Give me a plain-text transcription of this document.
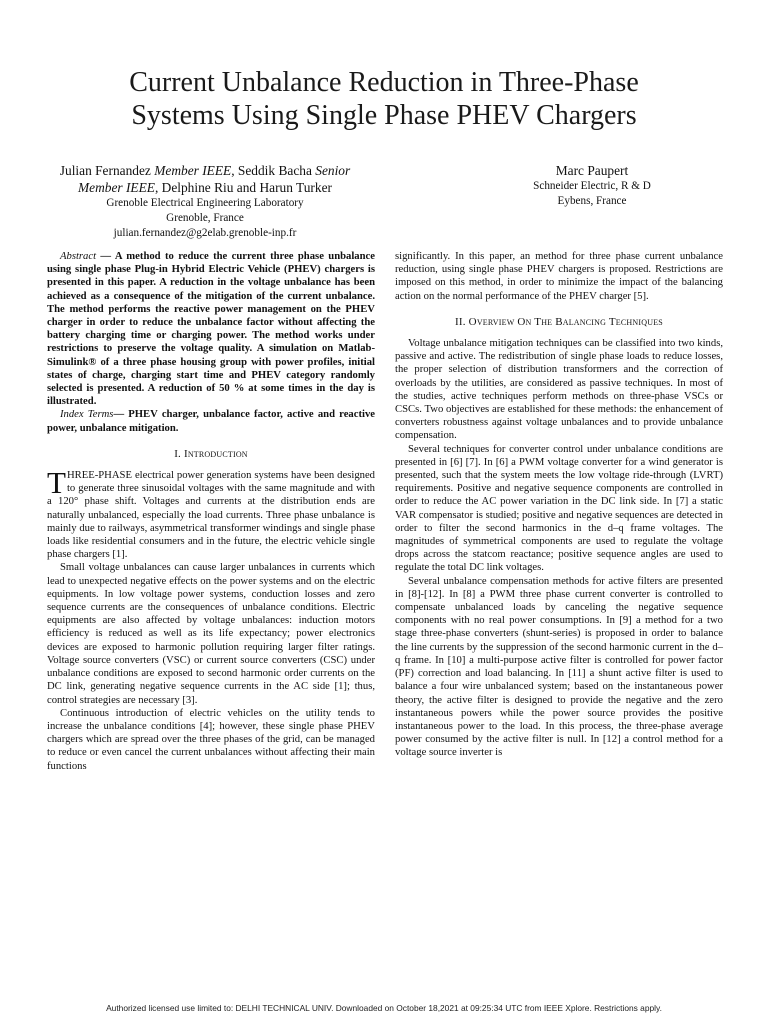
Current Unbalance Reduction in Three-Phase
Systems Using Single Phase PHEV Chargers
Julian Fernandez Member IEEE, Seddik Bacha Senior
Member IEEE, Delphine Riu and Harun Turker
Grenoble Electrical Engineering Laboratory
Grenoble, France
julian.fernandez@g2elab.grenoble-inp.fr
Marc Paupert
Schneider Electric, R & D
Eybens, France

Abstract — A method to reduce the current three phase unbalance using single phase Plug-in Hybrid Electric Vehicle (PHEV) chargers is presented in this paper. A reduction in the voltage unbalance has been achieved as a consequence of the mitigation of the current unbalance. The method performs the reactive power management on the PHEV charger in order to reduce the unbalance factor without affecting the battery charging time or charging power. The method works under restrictions to preserve the voltage quality. A simulation on Matlab-Simulink® of a three phase housing group with power profiles, initial states of charge, charging start time and PHEV category randomly selected is presented. A reduction of 50 % at some times in the day is illustrated.

Index Terms— PHEV charger, unbalance factor, active and reactive power, unbalance mitigation.

I. Introduction

THREE-PHASE electrical power generation systems have been designed to generate three sinusoidal voltages with the same magnitude and with a 120° phase shift. Voltages and currents at the distribution ends are naturally unbalanced, especially the load currents. Three phase unbalance is mainly due to railways, asymmetrical transformer windings and single phase loads like residential consumers and in the future, the electric vehicle single phase chargers [1].

Small voltage unbalances can cause larger unbalances in currents which lead to unexpected negative effects on the power systems and on the electric equipments. In low voltage power systems, conduction losses and zero sequence currents are the consequences of unbalance conditions. Electric equipments are also affected by voltage unbalances: induction motors efficiency is reduced as well as its life expectancy; power electronics devices are exposed to harmonic pollution requiring larger filter ratings. Voltage source converters (VSC) or current source converters (CSC) under unbalance conditions are exposed to second harmonic order currents on the DC link, generating negative sequence currents in the AC side [1]; thus, control strategies are necessary [3].

Continuous introduction of electric vehicles on the utility tends to increase the unbalance conditions [4]; however, these single phase PHEV chargers which are spread over the three phases of the grid, can be managed to reduce or even cancel the current unbalances without affecting their main functions

significantly. In this paper, an method for three phase current unbalance reduction, using single phase PHEV chargers is proposed. Restrictions are imposed on this method, in order to minimize the impact of the balancing action on the normal performance of the PHEV charger [5].

II. Overview On The Balancing Techniques

Voltage unbalance mitigation techniques can be classified into two kinds, passive and active. The redistribution of single phase loads to reduce losses, the proper selection of distribution transformers and the correction of overloads by the utilities, are considered as passive techniques. In most of the studies, active techniques perform methods on three-phase VSCs or CSCs. Two objectives are established for these methods: the enhancement of converters robustness against voltage unbalances and to provide unbalance compensation.

Several techniques for converter control under unbalance conditions are presented in [6] [7]. In [6] a PWM voltage converter for a wind generator is presented, such that the system meets the low voltage ride-through (LVRT) requirements. Positive and negative sequence components are controlled in order to reduce the AC power variation in the DC link side. In [7] a static VAR compensator is studied; positive and negative sequences are detected in order to filter the second harmonics in the d–q frame voltages. The magnitudes of symmetrical components are used to regulate the voltage drops across the statcom reactance; positive sequence angles are used to regulate the total DC link voltages.

Several unbalance compensation methods for active filters are presented in [8]-[12]. In [8] a PWM three phase current converter is controlled to compensate unbalanced loads by canceling the negative sequence components with no real power consumptions. In [9] a method for a two stage three-phase converters (shunt-series) is proposed in order to balance the line currents by the suppression of the second harmonic current in the d–q frame. In [10] a multi-purpose active filter is controlled for power factor (PF) correction and load balancing. In [11] a shunt active filter is used to balance a four wire unbalanced system; based on the instantaneous power theory, the active filter is designed to provide the negative and the zero instantaneous powers while the power source provides the positive instantaneous power to the load. In this process, the three-phase average power consumed by the active filter is null. In [12] a control method for a voltage source inverter is

Authorized licensed use limited to: DELHI TECHNICAL UNIV. Downloaded on October 18,2021 at 09:25:34 UTC from IEEE Xplore. Restrictions apply.
